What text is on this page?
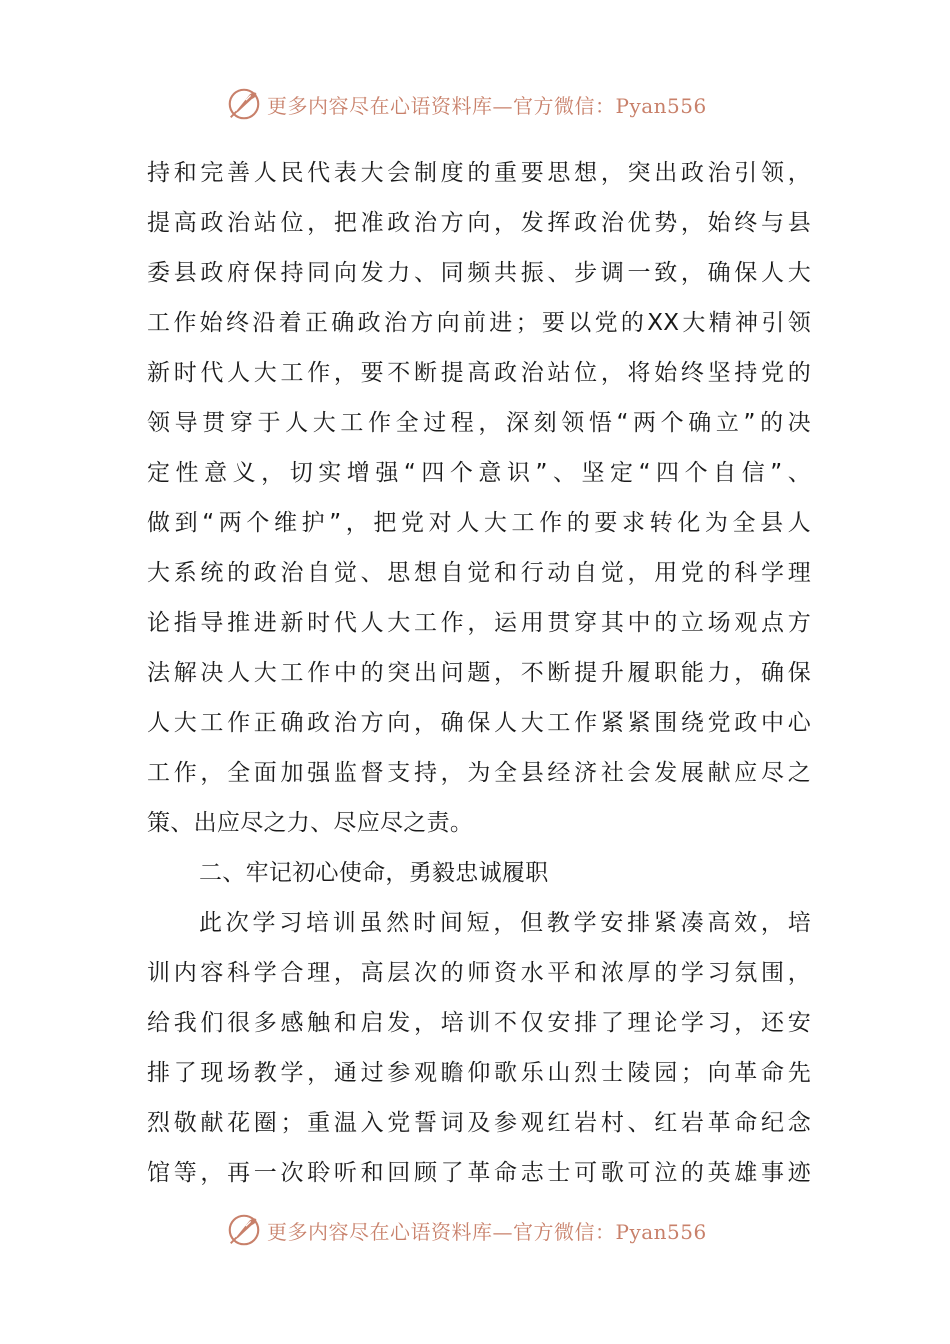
更多内容尽在心语资料库—官方微信：Pyan556
持和完善人民代表大会制度的重要思想，突出政治引领，
提高政治站位，把准政治方向，发挥政治优势，始终与县
委县政府保持同向发力、同频共振、步调一致，确保人大
工作始终沿着正确政治方向前进；要以党的XX大精神引领
新时代人大工作，要不断提高政治站位，将始终坚持党的
领导贯穿于人大工作全过程，深刻领悟“两个确立”的决
定性意义，切实增强“四个意识”、坚定“四个自信”、
做到“两个维护”，把党对人大工作的要求转化为全县人
大系统的政治自觉、思想自觉和行动自觉，用党的科学理
论指导推进新时代人大工作，运用贯穿其中的立场观点方
法解决人大工作中的突出问题，不断提升履职能力，确保
人大工作正确政治方向，确保人大工作紧紧围绕党政中心
工作，全面加强监督支持，为全县经济社会发展献应尽之
策、出应尽之力、尽应尽之责。
二、牢记初心使命，勇毅忠诚履职
此次学习培训虽然时间短，但教学安排紧凑高效，培
训内容科学合理，高层次的师资水平和浓厚的学习氛围，
给我们很多感触和启发，培训不仅安排了理论学习，还安
排了现场教学，通过参观瞻仰歌乐山烈士陵园；向革命先
烈敬献花圈；重温入党誓词及参观红岩村、红岩革命纪念
馆等，再一次聆听和回顾了革命志士可歌可泣的英雄事迹
更多内容尽在心语资料库—官方微信：Pyan556
